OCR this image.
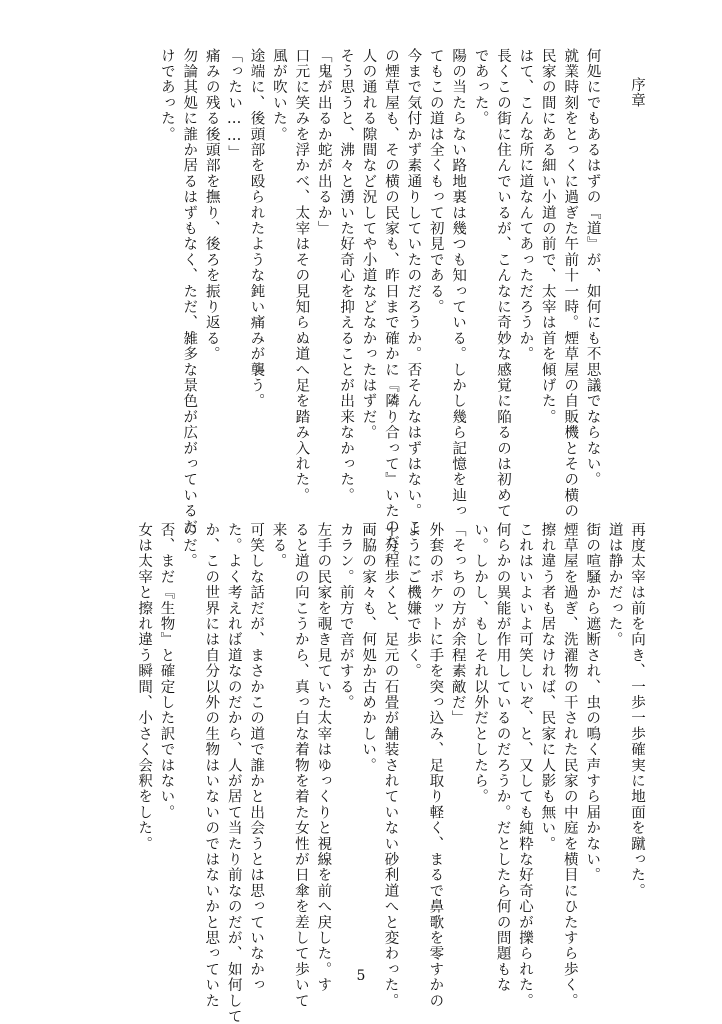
序章
何処にでもあるはずの『道』が、如何にも不思議でならない。
就業時刻をとっくに過ぎた午前十一時。煙草屋の自販機とその横の
民家の間にある細い小道の前で、太宰は首を傾げた。
はて、こんな所に道なんてあっただろうか。
長くこの街に住んでいるが、こんなに奇妙な感覚に陥るのは初めて
であった。
陽の当たらない路地裏は幾つも知っている。しかし幾ら記憶を辿っ
てもこの道は全くもって初見である。
今まで気付かず素通りしていたのだろうか。否そんなはずはない。こ
の煙草屋も、その横の民家も、昨日まで確かに『隣り合って』いたのだ。
人の通れる隙間など況してや小道などなかったはずだ。
そう思うと、沸々と湧いた好奇心を抑えることが出来なかった。
「鬼が出るか蛇が出るか」
口元に笑みを浮かべ、太宰はその見知らぬ道へ足を踏み入れた。
風が吹いた。
途端に、後頭部を殴られたような鈍い痛みが襲う。
「ったい……」
痛みの残る後頭部を撫り、後ろを振り返る。
勿論其処に誰か居るはずもなく、ただ、雑多な景色が広がっているだ
けであった。
再度太宰は前を向き、一歩一歩確実に地面を蹴った。
道は静かだった。
街の喧騒から遮断され、虫の鳴く声すら届かない。
煙草屋を過ぎ、洗濯物の干された民家の中庭を横目にひたすら歩く。
擦れ違う者も居なければ、民家に人影も無い。
これはいよいよ可笑しいぞ、と、又しても純粋な好奇心が擽られた。
何らかの異能が作用しているのだろうか。だとしたら何の問題もな
い。しかし、もしそれ以外だとしたら。
「そっちの方が余程素敵だ」
外套のポケットに手を突っ込み、足取り軽く、まるで鼻歌を零すかの
ようにご機嫌で歩く。
十分程歩くと、足元の石畳が舗装されていない砂利道へと変わった。
両脇の家々も、何処か古めかしい。
カラン。前方で音がする。
左手の民家を覗き見ていた太宰はゆっくりと視線を前へ戻した。す
ると道の向こうから、真っ白な着物を着た女性が日傘を差して歩いて
来る。
可笑しな話だが、まさかこの道で誰かと出会うとは思っていなかっ
た。よく考えれば道なのだから、人が居て当たり前なのだが、如何して
か、この世界には自分以外の生物はいないのではないかと思っていた
のだ。
否、まだ『生物』と確定した訳ではない。
女は太宰と擦れ違う瞬間、小さく会釈をした。
5
